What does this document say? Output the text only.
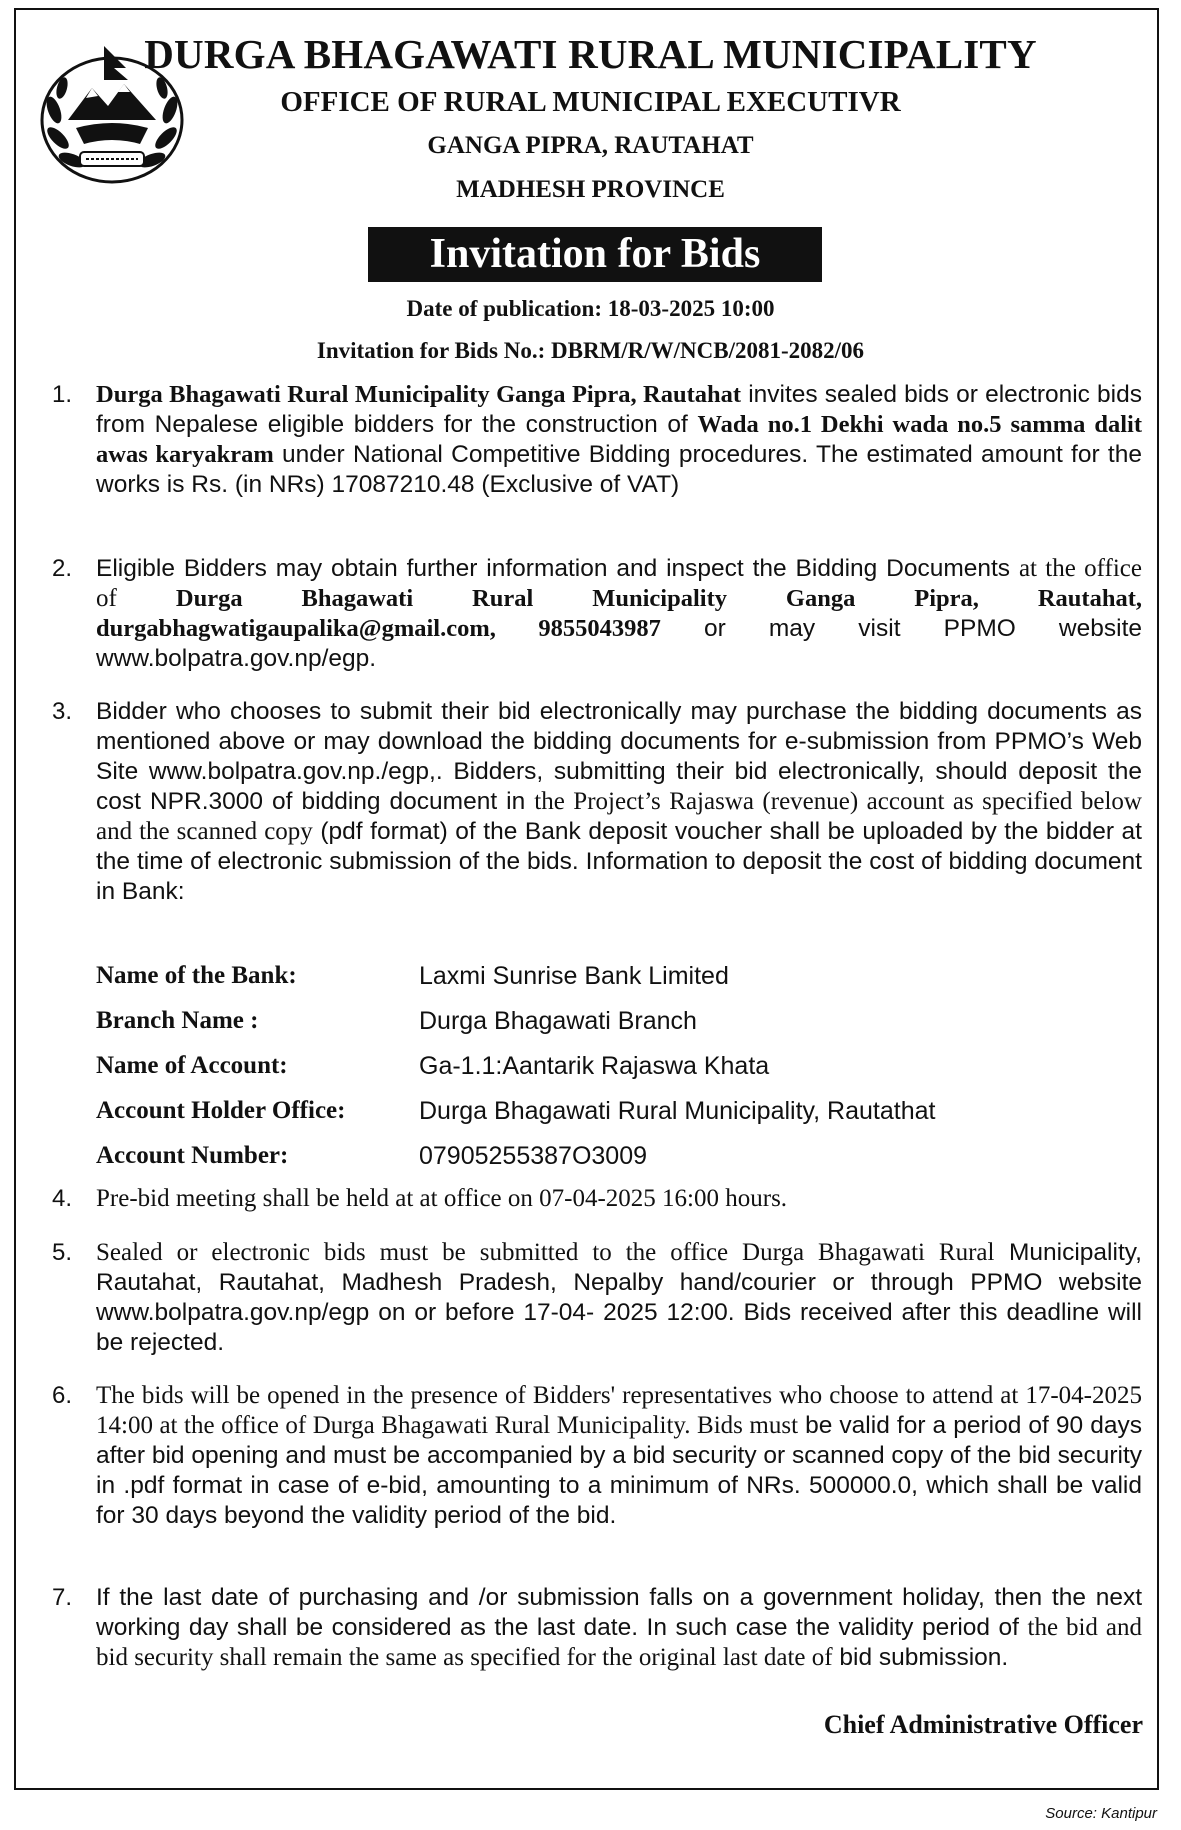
DURGA BHAGAWATI RURAL MUNICIPALITY
OFFICE OF RURAL MUNICIPAL EXECUTIVR
GANGA PIPRA, RAUTAHAT
MADHESH PROVINCE
Invitation for Bids
Date of publication: 18-03-2025 10:00
Invitation for Bids No.: DBRM/R/W/NCB/2081-2082/06
1. Durga Bhagawati Rural Municipality Ganga Pipra, Rautahat invites sealed bids or electronic bids from Nepalese eligible bidders for the construction of Wada no.1 Dekhi wada no.5 samma dalit awas karyakram under National Competitive Bidding procedures. The estimated amount for the works is Rs. (in NRs) 17087210.48 (Exclusive of VAT)
2. Eligible Bidders may obtain further information and inspect the Bidding Documents at the office of Durga Bhagawati Rural Municipality Ganga Pipra, Rautahat, durgabhagwatigaupalika@gmail.com, 9855043987 or may visit PPMO website www.bolpatra.gov.np/egp.
3. Bidder who chooses to submit their bid electronically may purchase the bidding documents as mentioned above or may download the bidding documents for e-submission from PPMO’s Web Site www.bolpatra.gov.np./egp,. Bidders, submitting their bid electronically, should deposit the cost NPR.3000 of bidding document in the Project’s Rajaswa (revenue) account as specified below and the scanned copy (pdf format) of the Bank deposit voucher shall be uploaded by the bidder at the time of electronic submission of the bids. Information to deposit the cost of bidding document in Bank:
Name of the Bank:	Laxmi Sunrise Bank Limited
Branch Name :	Durga Bhagawati Branch
Name of Account:	Ga-1.1:Aantarik Rajaswa Khata
Account Holder Office:	Durga Bhagawati Rural Municipality, Rautathat
Account Number:	07905255387O3009
4. Pre-bid meeting shall be held at at office on 07-04-2025 16:00 hours.
5. Sealed or electronic bids must be submitted to the office Durga Bhagawati Rural Municipality, Rautahat, Rautahat, Madhesh Pradesh, Nepalby hand/courier or through PPMO website www.bolpatra.gov.np/egp on or before 17-04- 2025 12:00. Bids received after this deadline will be rejected.
6. The bids will be opened in the presence of Bidders' representatives who choose to attend at 17-04-2025 14:00 at the office of Durga Bhagawati Rural Municipality. Bids must be valid for a period of 90 days after bid opening and must be accompanied by a bid security or scanned copy of the bid security in .pdf format in case of e-bid, amounting to a minimum of NRs. 500000.0, which shall be valid for 30 days beyond the validity period of the bid.
7. If the last date of purchasing and /or submission falls on a government holiday, then the next working day shall be considered as the last date. In such case the validity period of the bid and bid security shall remain the same as specified for the original last date of bid submission.
Chief Administrative Officer
Source: Kantipur
